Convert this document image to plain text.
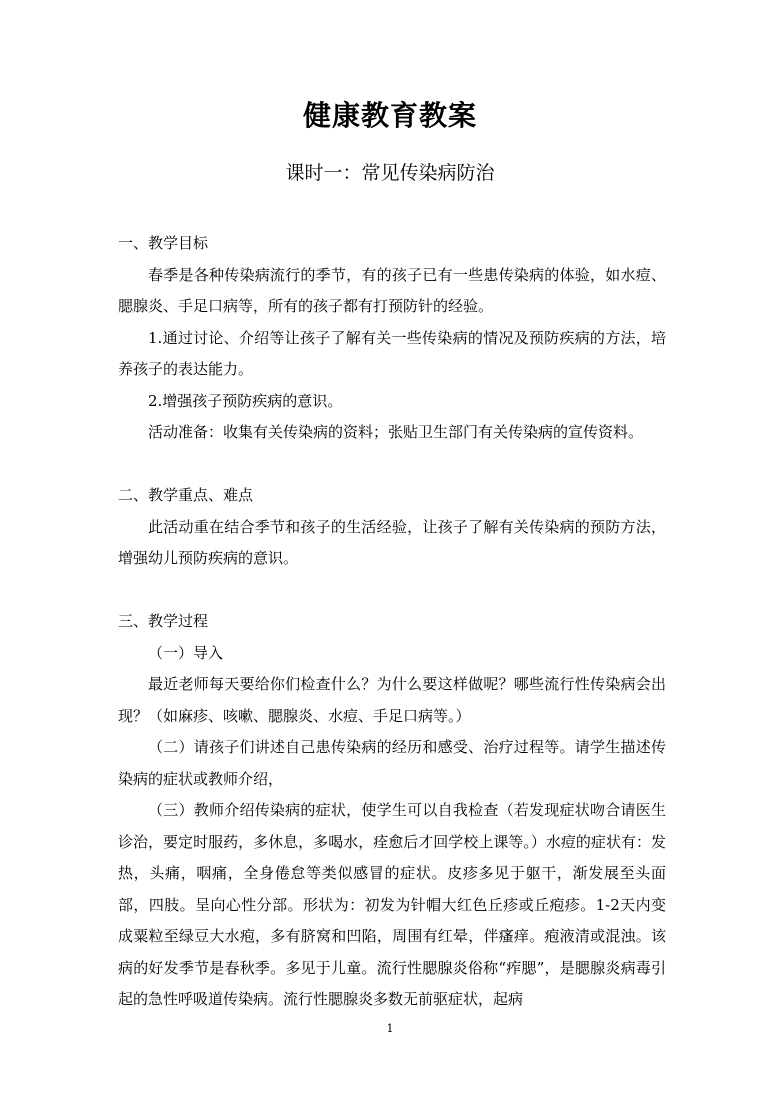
健康教育教案
课时一：常见传染病防治

一、教学目标

春季是各种传染病流行的季节，有的孩子已有一些患传染病的体验，如水痘、腮腺炎、手足口病等，所有的孩子都有打预防针的经验。

1.通过讨论、介绍等让孩子了解有关一些传染病的情况及预防疾病的方法，培养孩子的表达能力。

2.增强孩子预防疾病的意识。

活动准备：收集有关传染病的资料；张贴卫生部门有关传染病的宣传资料。

二、教学重点、难点

此活动重在结合季节和孩子的生活经验，让孩子了解有关传染病的预防方法，增强幼儿预防疾病的意识。

三、教学过程

（一）导入

最近老师每天要给你们检查什么？为什么要这样做呢？哪些流行性传染病会出现？（如麻疹、咳嗽、腮腺炎、水痘、手足口病等。）

（二）请孩子们讲述自己患传染病的经历和感受、治疗过程等。请学生描述传染病的症状或教师介绍，

（三）教师介绍传染病的症状，使学生可以自我检查（若发现症状吻合请医生诊治，要定时服药，多休息，多喝水，痊愈后才回学校上课等。）水痘的症状有：发热，头痛，咽痛，全身倦怠等类似感冒的症状。皮疹多见于躯干，渐发展至头面部，四肢。呈向心性分部。形状为：初发为针帽大红色丘疹或丘疱疹。1-2天内变成粟粒至绿豆大水疱，多有脐窝和凹陷，周围有红晕，伴瘙痒。疱液清或混浊。该病的好发季节是春秋季。多见于儿童。流行性腮腺炎俗称“痄腮”，是腮腺炎病毒引起的急性呼吸道传染病。流行性腮腺炎多数无前驱症状，起病

1
